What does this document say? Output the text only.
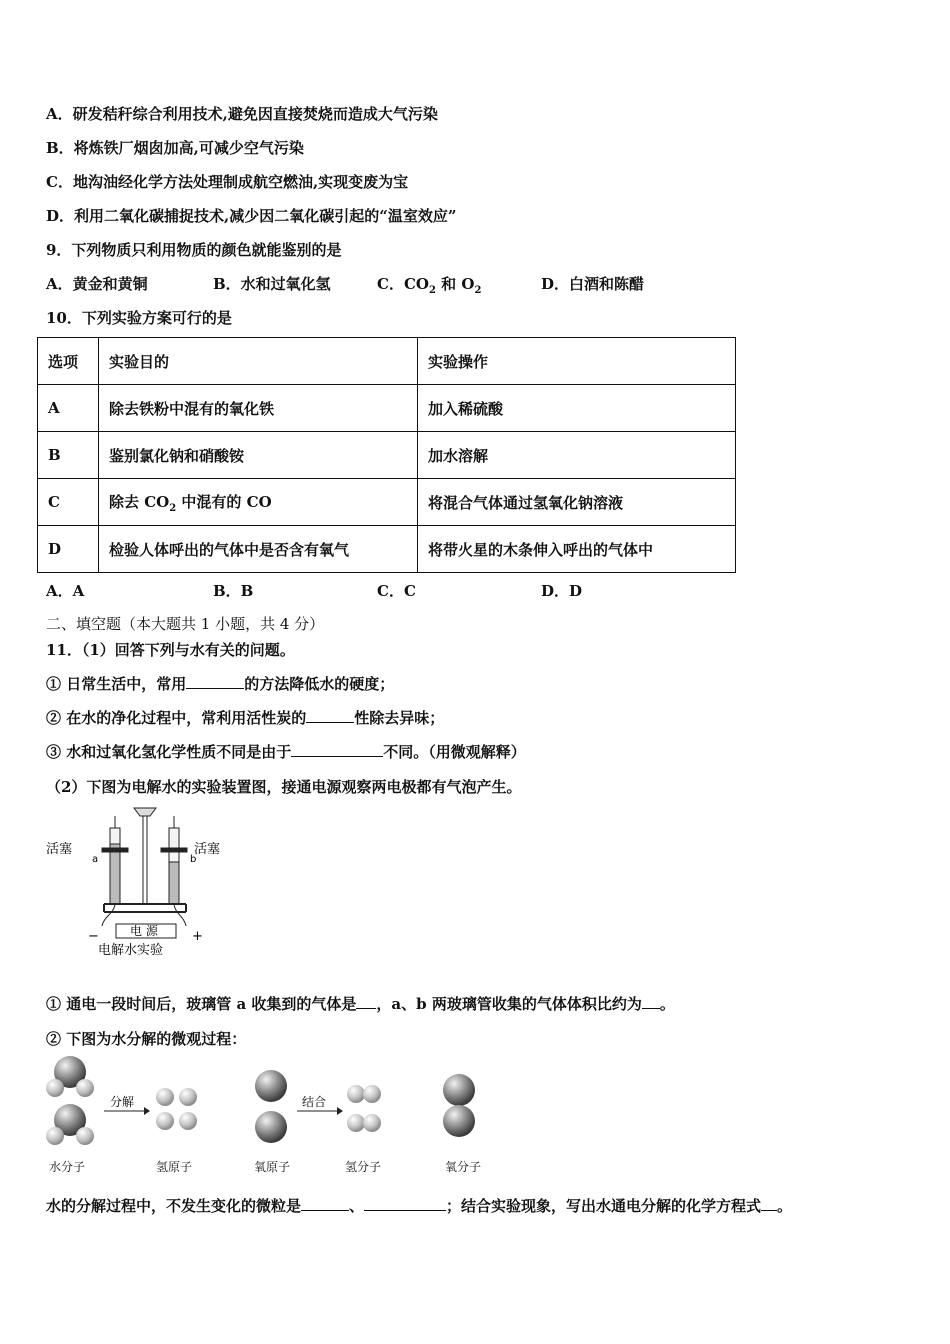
A．研发秸秆综合利用技术,避免因直接焚烧而造成大气污染
B．将炼铁厂烟囱加高,可减少空气污染
C．地沟油经化学方法处理制成航空燃油,实现变废为宝
D．利用二氧化碳捕捉技术,减少因二氧化碳引起的“温室效应”
9．下列物质只利用物质的颜色就能鉴别的是
A．黄金和黄铜	B．水和过氧化氢	C．$CO_2$ 和 $O_2$	D．白酒和陈醋
10．下列实验方案可行的是
选项	实验目的	实验操作
A	除去铁粉中混有的氧化铁	加入稀硫酸
B	鉴别氯化钠和硝酸铵	加水溶解
C	除去 $CO_2$ 中混有的 CO	将混合气体通过氢氧化钠溶液
D	检验人体呼出的气体中是否含有氧气	将带火星的木条伸入呼出的气体中
A．A	B．B	C．C	D．D
二、填空题（本大题共 1 小题，共 4 分）
11．（1）回答下列与水有关的问题。
① 日常生活中，常用	的方法降低水的硬度；
② 在水的净化过程中，常利用活性炭的	性除去异味；
③ 水和过氧化氢化学性质不同是由于	不同。（用微观解释）
（2）下图为电解水的实验装置图，接通电源观察两电极都有气泡产生。
活塞	活塞
a	b
电 源
−	+
电解水实验
① 通电一段时间后，玻璃管 a 收集到的气体是 ，a、b 两玻璃管收集的气体体积比约为 。
② 下图为水分解的微观过程：
分解	结合
水分子	氢原子	氧原子	氢分子	氧分子
水的分解过程中，不发生变化的微粒是	、	；结合实验现象，写出水通电分解的化学方程式 。
